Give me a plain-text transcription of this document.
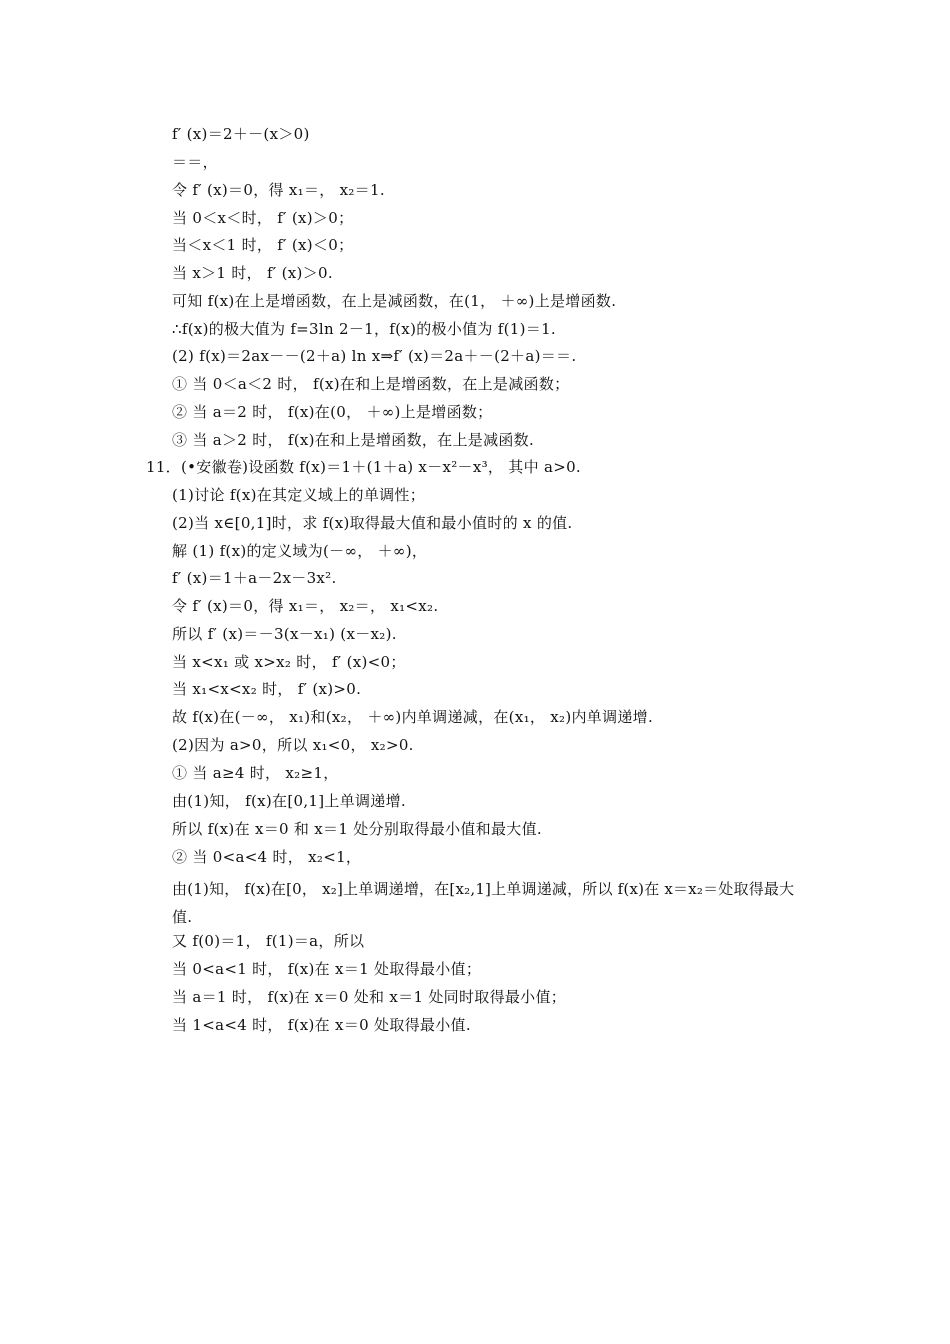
f′ (x)＝2＋－(x＞0)
＝＝，
令 f′ (x)＝0，得 x₁＝， x₂＝1.
当 0＜x＜时， f′ (x)＞0；
当＜x＜1 时， f′ (x)＜0；
当 x＞1 时， f′ (x)＞0.
可知 f(x)在上是增函数，在上是减函数，在(1， ＋∞)上是增函数.
∴f(x)的极大值为 f=3ln 2－1，f(x)的极小值为 f(1)＝1.
(2) f(x)＝2ax－－(2＋a) ln x⇒f′ (x)＝2a＋－(2＋a)＝＝.
① 当 0＜a＜2 时， f(x)在和上是增函数，在上是减函数；
② 当 a＝2 时， f(x)在(0， ＋∞)上是增函数；
③ 当 a＞2 时， f(x)在和上是增函数，在上是减函数.
11．(•安徽卷)设函数 f(x)＝1＋(1＋a) x－x²－x³， 其中 a>0.
(1)讨论 f(x)在其定义域上的单调性；
(2)当 x∈[0,1]时，求 f(x)取得最大值和最小值时的 x 的值.
解 (1) f(x)的定义域为(－∞， ＋∞)，
f′ (x)＝1＋a－2x－3x².
令 f′ (x)＝0，得 x₁＝， x₂＝， x₁<x₂.
所以 f′ (x)＝－3(x－x₁) (x－x₂).
当 x<x₁ 或 x>x₂ 时， f′ (x)<0；
当 x₁<x<x₂ 时， f′ (x)>0.
故 f(x)在(－∞， x₁)和(x₂， ＋∞)内单调递减，在(x₁， x₂)内单调递增.
(2)因为 a>0，所以 x₁<0， x₂>0.
① 当 a≥4 时， x₂≥1，
由(1)知， f(x)在[0,1]上单调递增.
所以 f(x)在 x＝0 和 x＝1 处分别取得最小值和最大值.
② 当 0<a<4 时， x₂<1，
由(1)知， f(x)在[0， x₂]上单调递增，在[x₂,1]上单调递减，所以 f(x)在 x＝x₂＝处取得最大值.
又 f(0)＝1， f(1)＝a，所以
当 0<a<1 时， f(x)在 x＝1 处取得最小值；
当 a＝1 时， f(x)在 x＝0 处和 x＝1 处同时取得最小值；
当 1<a<4 时， f(x)在 x＝0 处取得最小值.
